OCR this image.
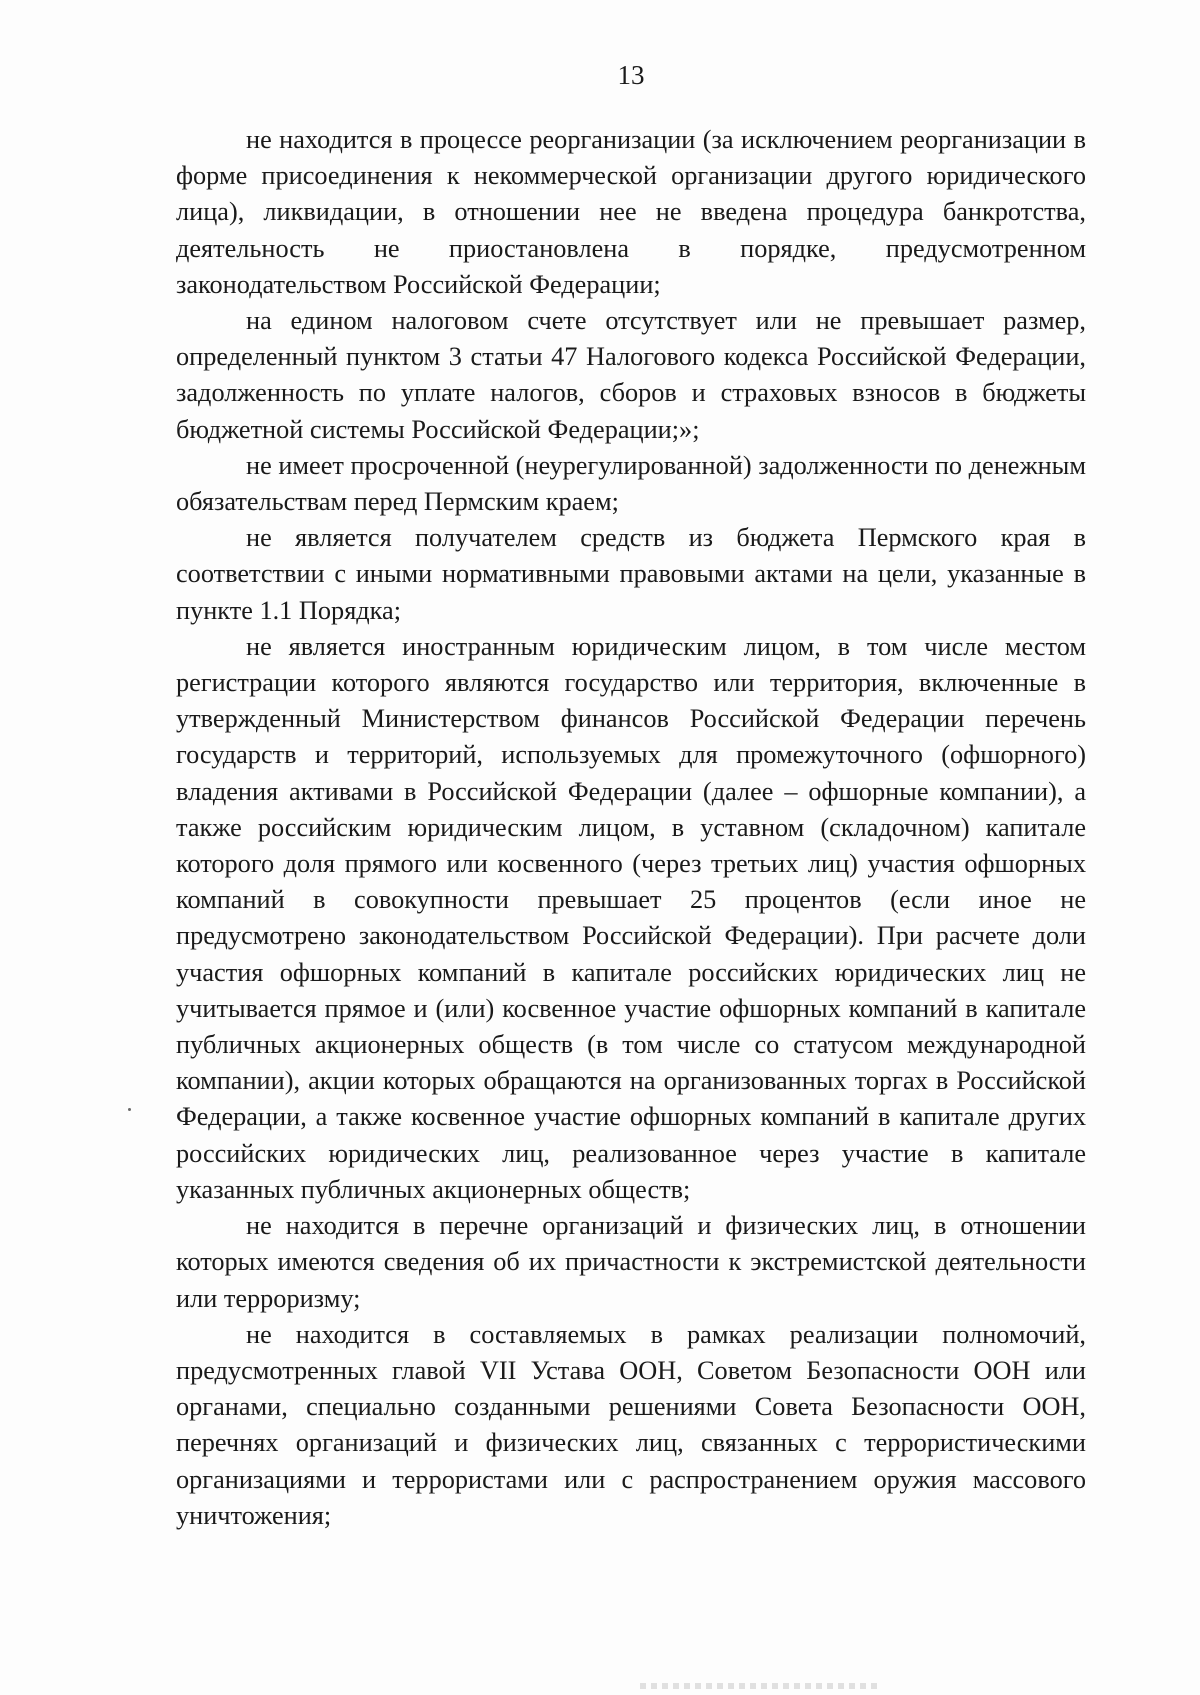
13

не находится в процессе реорганизации (за исключением реорганизации в форме присоединения к некоммерческой организации другого юридического лица), ликвидации, в отношении нее не введена процедура банкротства, деятельность не приостановлена в порядке, предусмотренном законодательством Российской Федерации;

на едином налоговом счете отсутствует или не превышает размер, определенный пунктом 3 статьи 47 Налогового кодекса Российской Федерации, задолженность по уплате налогов, сборов и страховых взносов в бюджеты бюджетной системы Российской Федерации;»;

не имеет просроченной (неурегулированной) задолженности по денежным обязательствам перед Пермским краем;

не является получателем средств из бюджета Пермского края в соответствии с иными нормативными правовыми актами на цели, указанные в пункте 1.1 Порядка;

не является иностранным юридическим лицом, в том числе местом регистрации которого являются государство или территория, включенные в утвержденный Министерством финансов Российской Федерации перечень государств и территорий, используемых для промежуточного (офшорного) владения активами в Российской Федерации (далее – офшорные компании), а также российским юридическим лицом, в уставном (складочном) капитале которого доля прямого или косвенного (через третьих лиц) участия офшорных компаний в совокупности превышает 25 процентов (если иное не предусмотрено законодательством Российской Федерации). При расчете доли участия офшорных компаний в капитале российских юридических лиц не учитывается прямое и (или) косвенное участие офшорных компаний в капитале публичных акционерных обществ (в том числе со статусом международной компании), акции которых обращаются на организованных торгах в Российской Федерации, а также косвенное участие офшорных компаний в капитале других российских юридических лиц, реализованное через участие в капитале указанных публичных акционерных обществ;

не находится в перечне организаций и физических лиц, в отношении которых имеются сведения об их причастности к экстремистской деятельности или терроризму;

не находится в составляемых в рамках реализации полномочий, предусмотренных главой VII Устава ООН, Советом Безопасности ООН или органами, специально созданными решениями Совета Безопасности ООН, перечнях организаций и физических лиц, связанных с террористическими организациями и террористами или с распространением оружия массового уничтожения;
